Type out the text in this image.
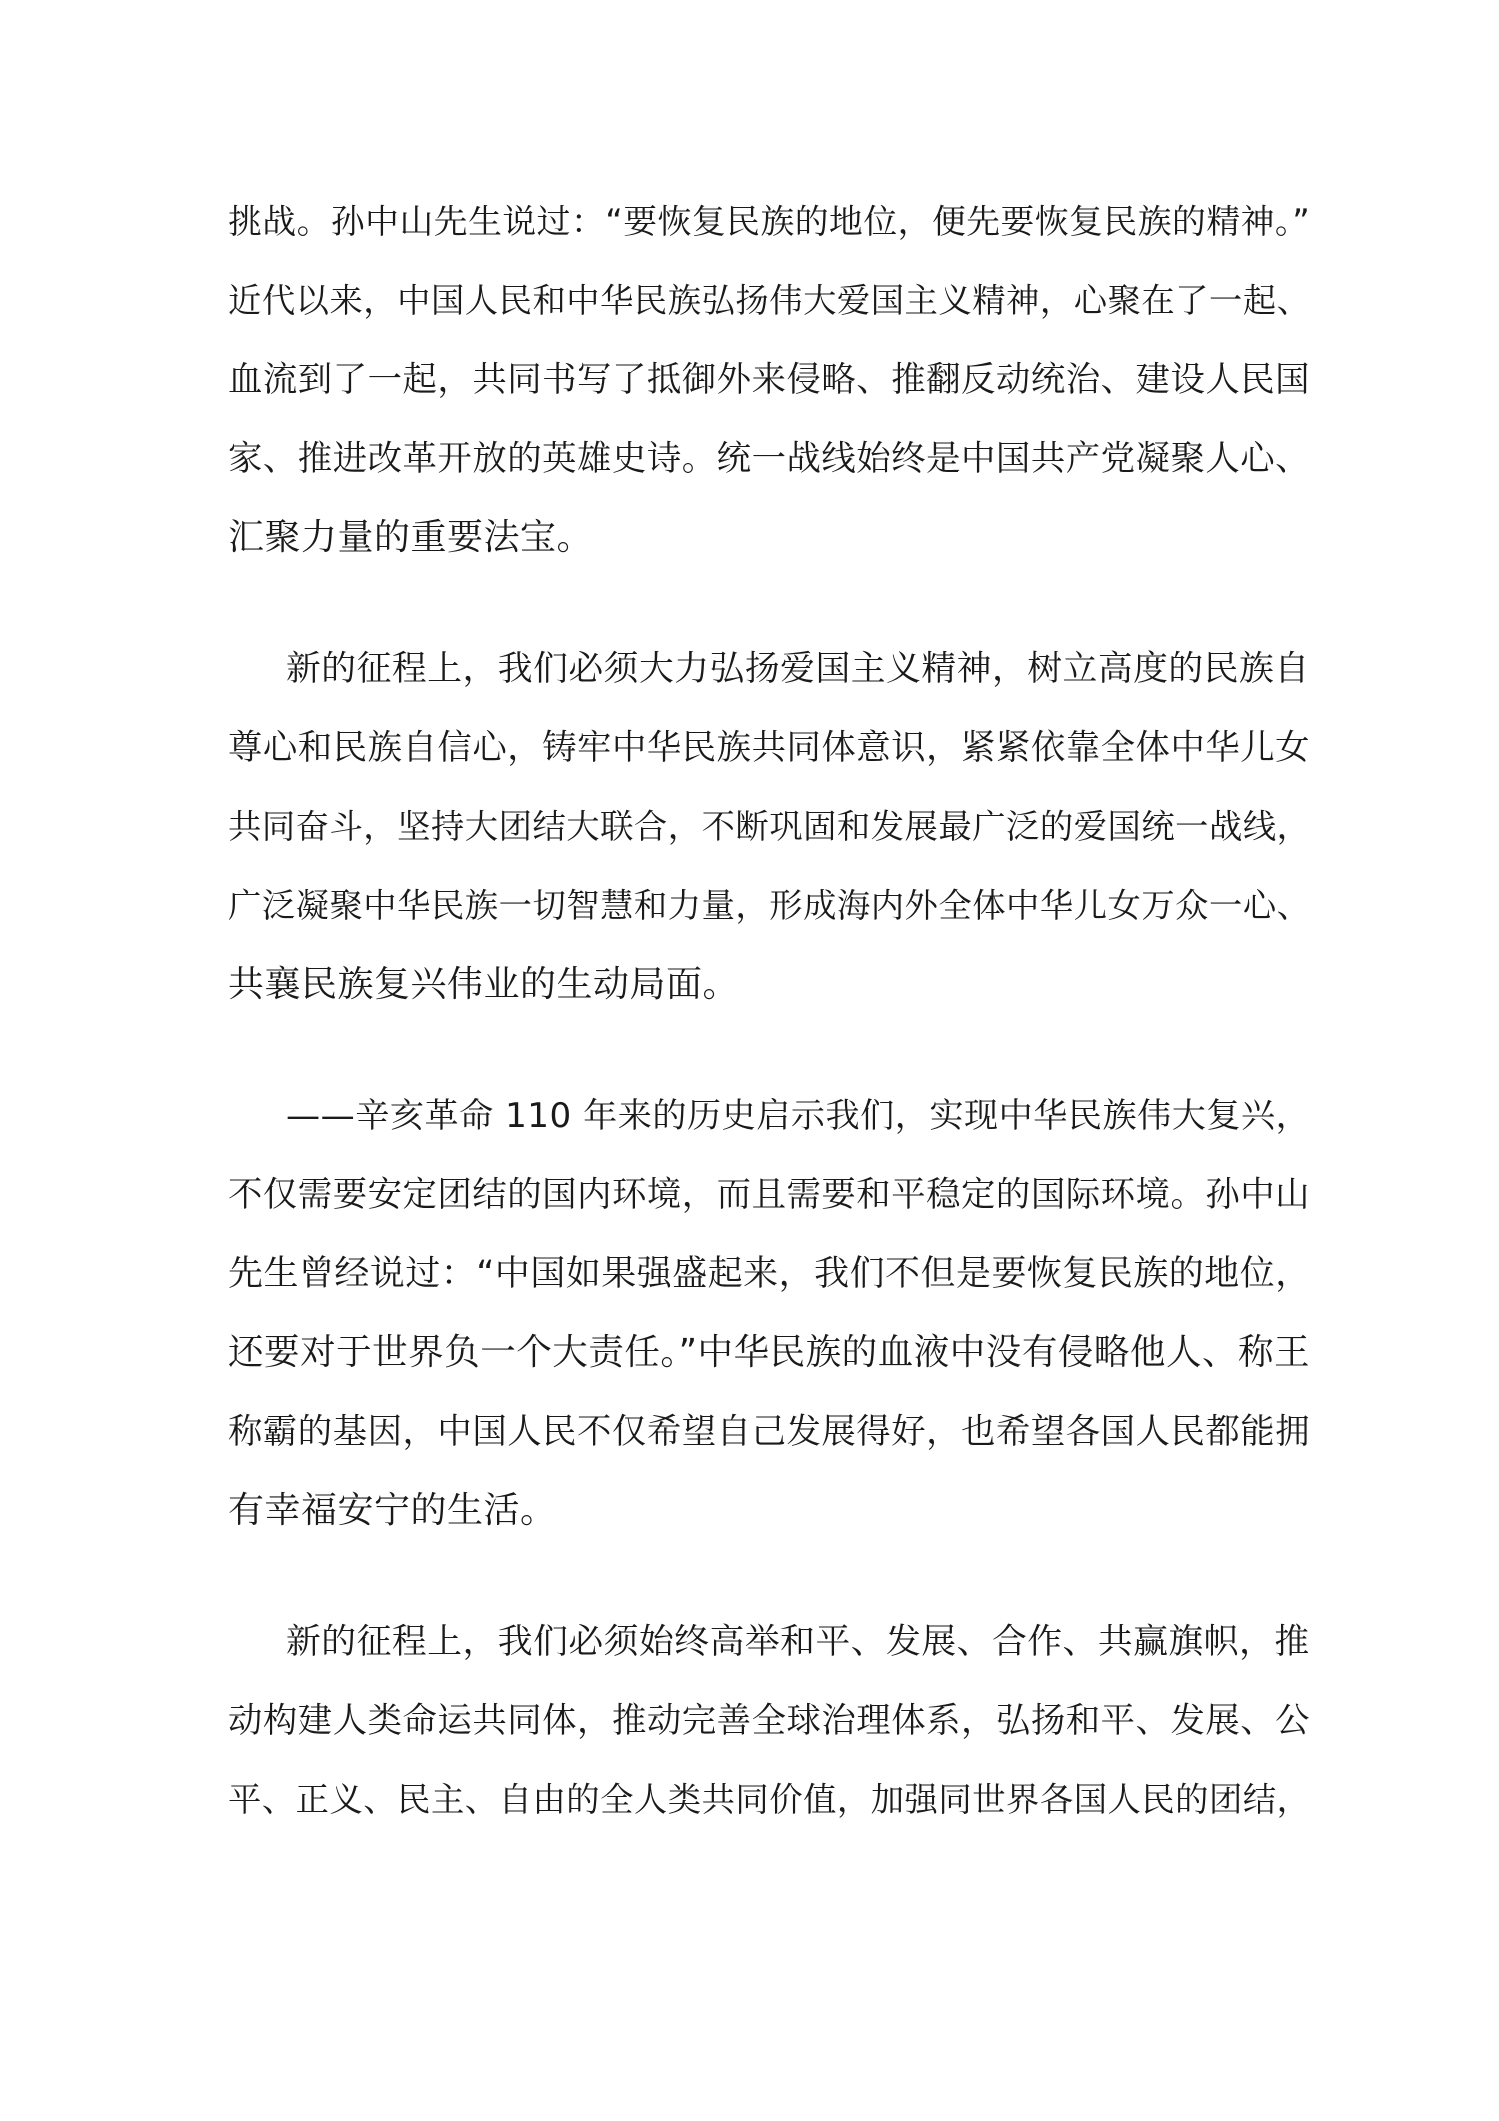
挑战。孙中山先生说过：“要恢复民族的地位，便先要恢复民族的精神。”
近代以来，中国人民和中华民族弘扬伟大爱国主义精神，心聚在了一起、
血流到了一起，共同书写了抵御外来侵略、推翻反动统治、建设人民国
家、推进改革开放的英雄史诗。统一战线始终是中国共产党凝聚人心、
汇聚力量的重要法宝。
新的征程上，我们必须大力弘扬爱国主义精神，树立高度的民族自
尊心和民族自信心，铸牢中华民族共同体意识，紧紧依靠全体中华儿女
共同奋斗，坚持大团结大联合，不断巩固和发展最广泛的爱国统一战线，
广泛凝聚中华民族一切智慧和力量，形成海内外全体中华儿女万众一心、
共襄民族复兴伟业的生动局面。
——辛亥革命 110 年来的历史启示我们，实现中华民族伟大复兴，
不仅需要安定团结的国内环境，而且需要和平稳定的国际环境。孙中山
先生曾经说过：“中国如果强盛起来，我们不但是要恢复民族的地位，
还要对于世界负一个大责任。”中华民族的血液中没有侵略他人、称王
称霸的基因，中国人民不仅希望自己发展得好，也希望各国人民都能拥
有幸福安宁的生活。
新的征程上，我们必须始终高举和平、发展、合作、共赢旗帜，推
动构建人类命运共同体，推动完善全球治理体系，弘扬和平、发展、公
平、正义、民主、自由的全人类共同价值，加强同世界各国人民的团结，
